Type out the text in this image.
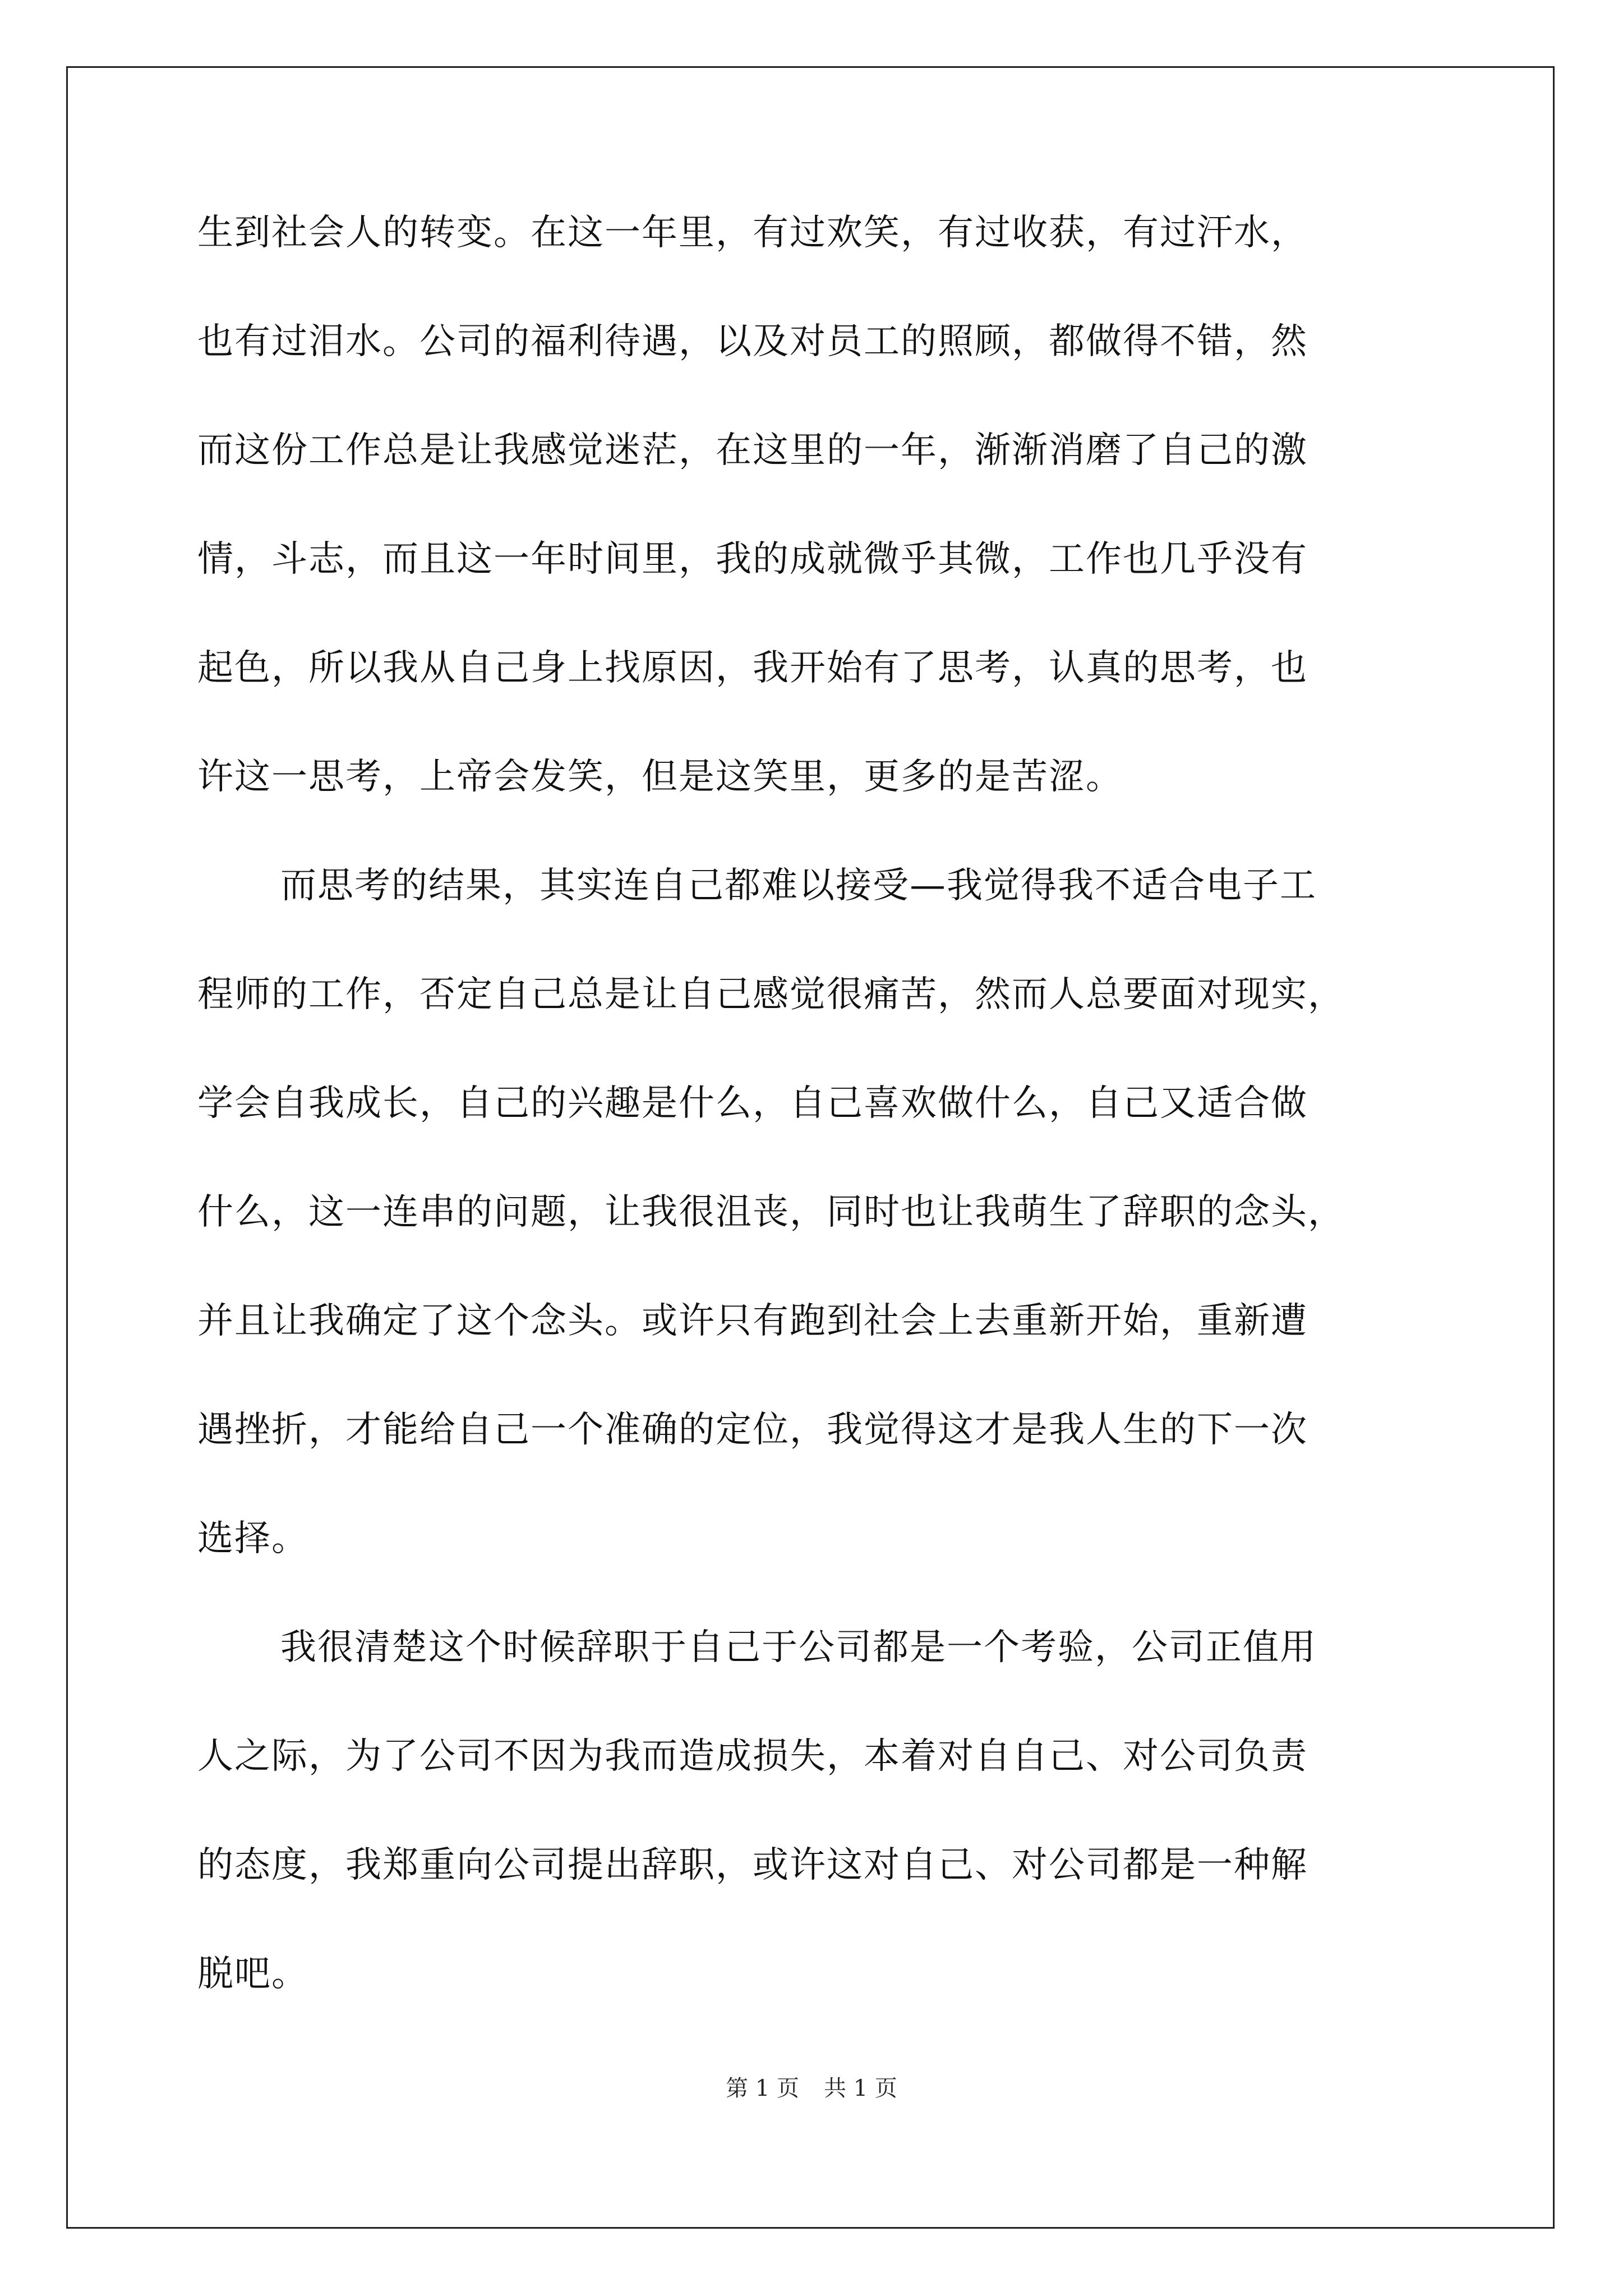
生到社会人的转变。在这一年里，有过欢笑，有过收获，有过汗水，
也有过泪水。公司的福利待遇，以及对员工的照顾，都做得不错，然
而这份工作总是让我感觉迷茫，在这里的一年，渐渐消磨了自己的激
情，斗志，而且这一年时间里，我的成就微乎其微，工作也几乎没有
起色，所以我从自己身上找原因，我开始有了思考，认真的思考，也
许这一思考，上帝会发笑，但是这笑里，更多的是苦涩。
而思考的结果，其实连自己都难以接受—我觉得我不适合电子工
程师的工作，否定自己总是让自己感觉很痛苦，然而人总要面对现实，
学会自我成长，自己的兴趣是什么，自己喜欢做什么，自己又适合做
什么，这一连串的问题，让我很沮丧，同时也让我萌生了辞职的念头，
并且让我确定了这个念头。或许只有跑到社会上去重新开始，重新遭
遇挫折，才能给自己一个准确的定位，我觉得这才是我人生的下一次
选择。
我很清楚这个时候辞职于自己于公司都是一个考验，公司正值用
人之际，为了公司不因为我而造成损失，本着对自自己、对公司负责
的态度，我郑重向公司提出辞职，或许这对自己、对公司都是一种解
脱吧。
第 1 页 共 1 页
